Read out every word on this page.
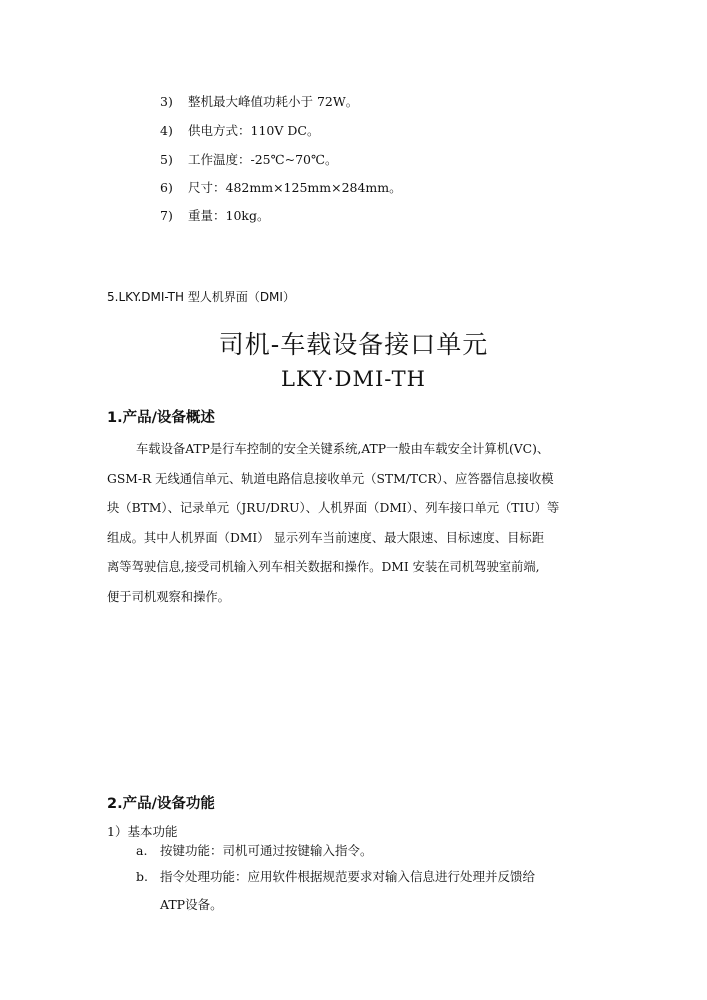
3) 整机最大峰值功耗小于 72W。
4) 供电方式：110V DC。
5) 工作温度：-25℃~70℃。
6) 尺寸：482mm×125mm×284mm。
7) 重量：10kg。
5.LKY.DMI-TH 型人机界面（DMI）
司机-车载设备接口单元
LKY·DMI-TH
1.产品/设备概述
车载设备ATP是行车控制的安全关键系统,ATP一般由车载安全计算机(VC)、
GSM-R 无线通信单元、轨道电路信息接收单元（STM/TCR）、应答器信息接收模
块（BTM）、记录单元（JRU/DRU）、人机界面（DMI）、列车接口单元（TIU）等
组成。其中人机界面（DMI） 显示列车当前速度、最大限速、目标速度、目标距
离等驾驶信息,接受司机输入列车相关数据和操作。DMI 安装在司机驾驶室前端,
便于司机观察和操作。
2.产品/设备功能
1）基本功能
a. 按键功能：司机可通过按键输入指令。
b. 指令处理功能：应用软件根据规范要求对输入信息进行处理并反馈给
ATP设备。
